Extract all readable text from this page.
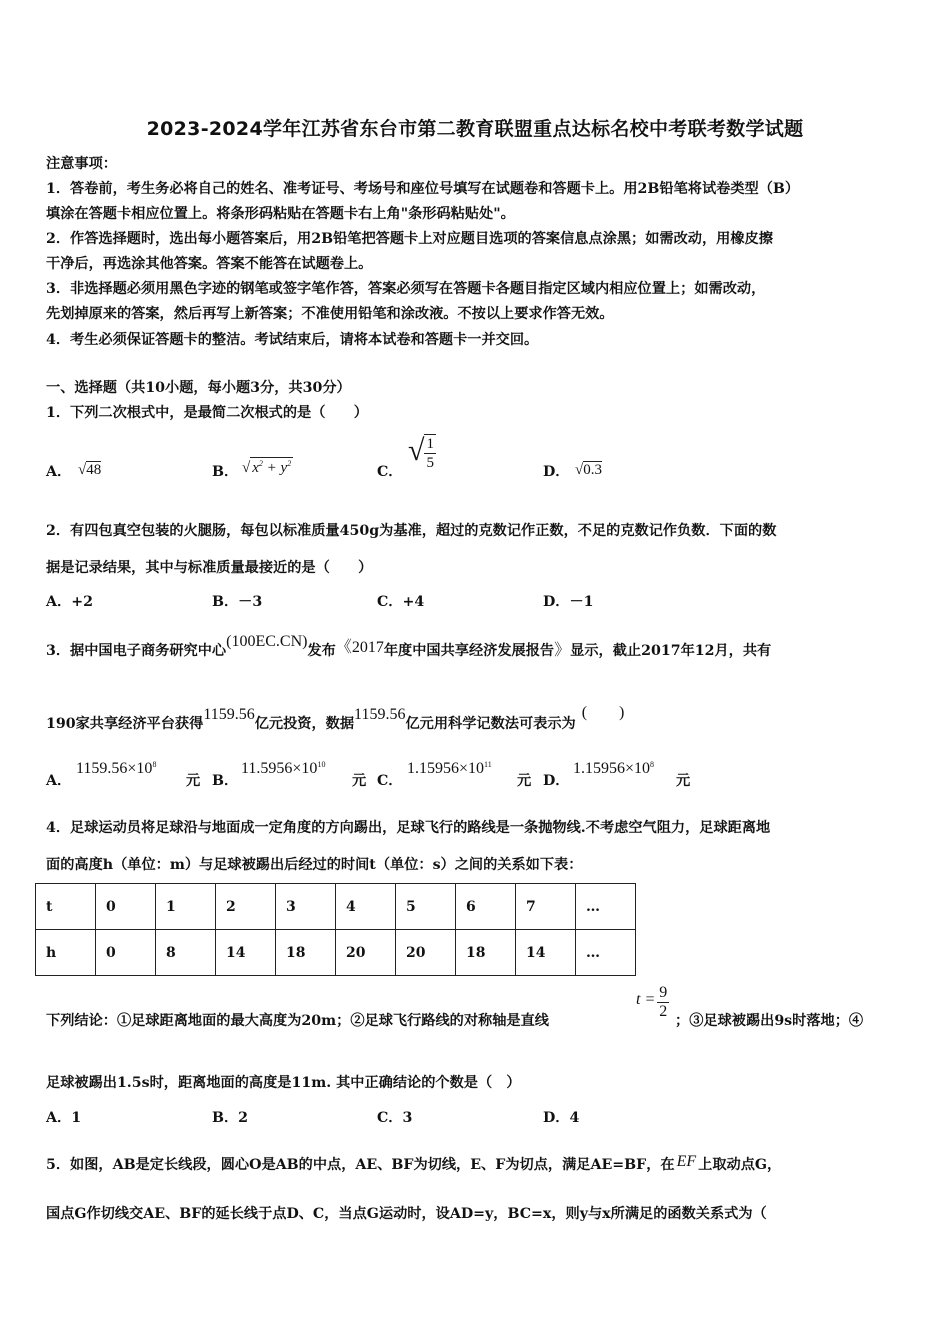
2023-2024学年江苏省东台市第二教育联盟重点达标名校中考联考数学试题
注意事项：
1．答卷前，考生务必将自己的姓名、准考证号、考场号和座位号填写在试题卷和答题卡上。用2B铅笔将试卷类型（B）
填涂在答题卡相应位置上。将条形码粘贴在答题卡右上角"条形码粘贴处"。
2．作答选择题时，选出每小题答案后，用2B铅笔把答题卡上对应题目选项的答案信息点涂黑；如需改动，用橡皮擦
干净后，再选涂其他答案。答案不能答在试题卷上。
3．非选择题必须用黑色字迹的钢笔或签字笔作答，答案必须写在答题卡各题目指定区域内相应位置上；如需改动，
先划掉原来的答案，然后再写上新答案；不准使用铅笔和涂改液。不按以上要求作答无效。
4．考生必须保证答题卡的整洁。考试结束后，请将本试卷和答题卡一并交回。
一、选择题（共10小题，每小题3分，共30分）
1．下列二次根式中，是最简二次根式的是（　　）
A． √48	B． √ $x^2 + y^2$
C．
√ $\frac{1}{5}$	D． √0.3
2．有四包真空包装的火腿肠，每包以标准质量450g为基准，超过的克数记作正数，不足的克数记作负数．下面的数
据是记录结果，其中与标准质量最接近的是（　　）
A．+2	B．－3	C．+4	D．－1
3．据中国电子商务研究中心(100EC.CN)发布《2017年度中国共享经济发展报告》显示，截止2017年12月，共有
190家共享经济平台获得1159.56亿元投资，数据1159.56亿元用科学记数法可表示为(　　)
A．
$1159.56\times 10^8$
元 B．
$11.5956\times 10^{10}$
元 C．
$1.15956\times 10^{11}$
元 D．
$1.15956\times 10^8$
元
4．足球运动员将足球沿与地面成一定角度的方向踢出，足球飞行的路线是一条抛物线.不考虑空气阻力，足球距离地
面的高度h（单位：m）与足球被踢出后经过的时间t（单位：s）之间的关系如下表：
t	0	1	2	3	4	5	6	7	…
h	0	8	14	18	20	20	18	14	…
下列结论：①足球距离地面的最大高度为20m；②足球飞行路线的对称轴是直线
$t = \frac{9}{2}$ ；③足球被踢出9s时落地；④
足球被踢出1.5s时，距离地面的高度是11m. 其中正确结论的个数是（　）
A．1	B．2	C．3	D．4
5．如图，AB是定长线段，圆心O是AB的中点，AE、BF为切线，E、F为切点，满足AE=BF，在 EF 上取动点G，
国点G作切线交AE、BF的延长线于点D、C，当点G运动时，设AD=y，BC=x，则y与x所满足的函数关系式为（
